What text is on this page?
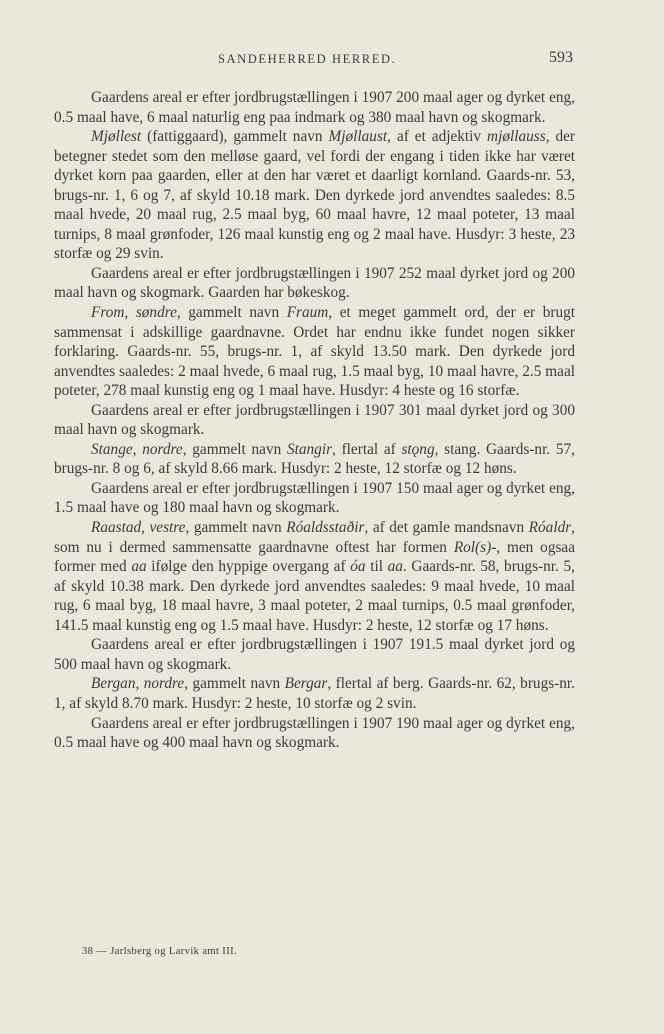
SANDEHERRED HERRED.	593

Gaardens areal er efter jordbrugstællingen i 1907 200 maal ager og dyrket eng, 0.5 maal have, 6 maal naturlig eng paa indmark og 380 maal havn og skogmark.

Mjøllest (fattiggaard), gammelt navn Mjøllaust, af et adjektiv mjøllauss, der betegner stedet som den melløse gaard, vel fordi der engang i tiden ikke har været dyrket korn paa gaarden, eller at den har været et daarligt kornland. Gaards-nr. 53, brugs-nr. 1, 6 og 7, af skyld 10.18 mark. Den dyrkede jord anvendtes saaledes: 8.5 maal hvede, 20 maal rug, 2.5 maal byg, 60 maal havre, 12 maal poteter, 13 maal turnips, 8 maal grønfoder, 126 maal kunstig eng og 2 maal have. Husdyr: 3 heste, 23 storfæ og 29 svin.

Gaardens areal er efter jordbrugstællingen i 1907 252 maal dyrket jord og 200 maal havn og skogmark. Gaarden har bøkeskog.

From, søndre, gammelt navn Fraum, et meget gammelt ord, der er brugt sammensat i adskillige gaardnavne. Ordet har endnu ikke fundet nogen sikker forklaring. Gaards-nr. 55, brugs-nr. 1, af skyld 13.50 mark. Den dyrkede jord anvendtes saaledes: 2 maal hvede, 6 maal rug, 1.5 maal byg, 10 maal havre, 2.5 maal poteter, 278 maal kunstig eng og 1 maal have. Husdyr: 4 heste og 16 storfæ.

Gaardens areal er efter jordbrugstællingen i 1907 301 maal dyrket jord og 300 maal havn og skogmark.

Stange, nordre, gammelt navn Stangir, flertal af stǫng, stang. Gaards-nr. 57, brugs-nr. 8 og 6, af skyld 8.66 mark. Husdyr: 2 heste, 12 storfæ og 12 høns.

Gaardens areal er efter jordbrugstællingen i 1907 150 maal ager og dyrket eng, 1.5 maal have og 180 maal havn og skogmark.

Raastad, vestre, gammelt navn Róaldsstaðir, af det gamle mandsnavn Róaldr, som nu i dermed sammensatte gaardnavne oftest har formen Rol(s)-, men ogsaa former med aa ifølge den hyppige overgang af óa til aa. Gaards-nr. 58, brugs-nr. 5, af skyld 10.38 mark. Den dyrkede jord anvendtes saaledes: 9 maal hvede, 10 maal rug, 6 maal byg, 18 maal havre, 3 maal poteter, 2 maal turnips, 0.5 maal grønfoder, 141.5 maal kunstig eng og 1.5 maal have. Husdyr: 2 heste, 12 storfæ og 17 høns.

Gaardens areal er efter jordbrugstællingen i 1907 191.5 maal dyrket jord og 500 maal havn og skogmark.

Bergan, nordre, gammelt navn Bergar, flertal af berg. Gaards-nr. 62, brugs-nr. 1, af skyld 8.70 mark. Husdyr: 2 heste, 10 storfæ og 2 svin.

Gaardens areal er efter jordbrugstællingen i 1907 190 maal ager og dyrket eng, 0.5 maal have og 400 maal havn og skogmark.

38 — Jarlsberg og Larvik amt III.
